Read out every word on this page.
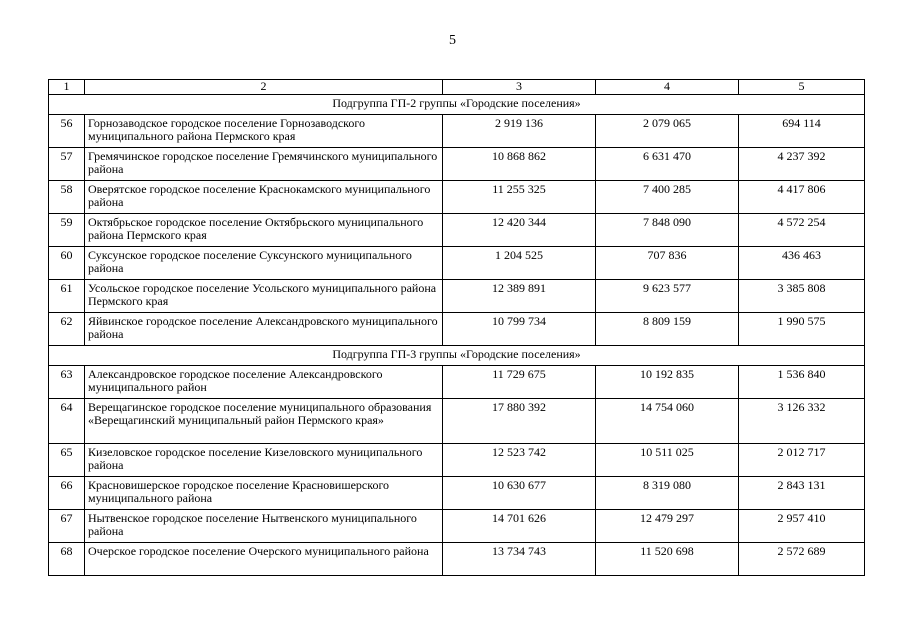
5
1	2	3	4	5
Подгруппа ГП-2 группы «Городские поселения»				
56	Горнозаводское городское поселение Горнозаводского муниципального района Пермского края	2 919 136	2 079 065	694 114
57	Гремячинское городское поселение Гремячинского муниципального района	10 868 862	6 631 470	4 237 392
58	Оверятское городское поселение Краснокамского муниципального района	11 255 325	7 400 285	4 417 806
59	Октябрьское городское поселение Октябрьского муниципального района Пермского края	12 420 344	7 848 090	4 572 254
60	Суксунское городское поселение Суксунского муниципального района	1 204 525	707 836	436 463
61	Усольское городское поселение Усольского муниципального района Пермского края	12 389 891	9 623 577	3 385 808
62	Яйвинское городское поселение Александровского муниципального района	10 799 734	8 809 159	1 990 575
Подгруппа ГП-3 группы «Городские поселения»				
63	Александровское городское поселение Александровского муниципального район	11 729 675	10 192 835	1 536 840
64	Верещагинское городское поселение муниципального образования «Верещагинский муниципальный район Пермского края»	17 880 392	14 754 060	3 126 332
65	Кизеловское городское поселение Кизеловского муниципального района	12 523 742	10 511 025	2 012 717
66	Красновишерское городское поселение Красновишерского муниципального района	10 630 677	8 319 080	2 843 131
67	Нытвенское городское поселение Нытвенского муниципального района	14 701 626	12 479 297	2 957 410
68	Очерское городское поселение Очерского муниципального района	13 734 743	11 520 698	2 572 689
